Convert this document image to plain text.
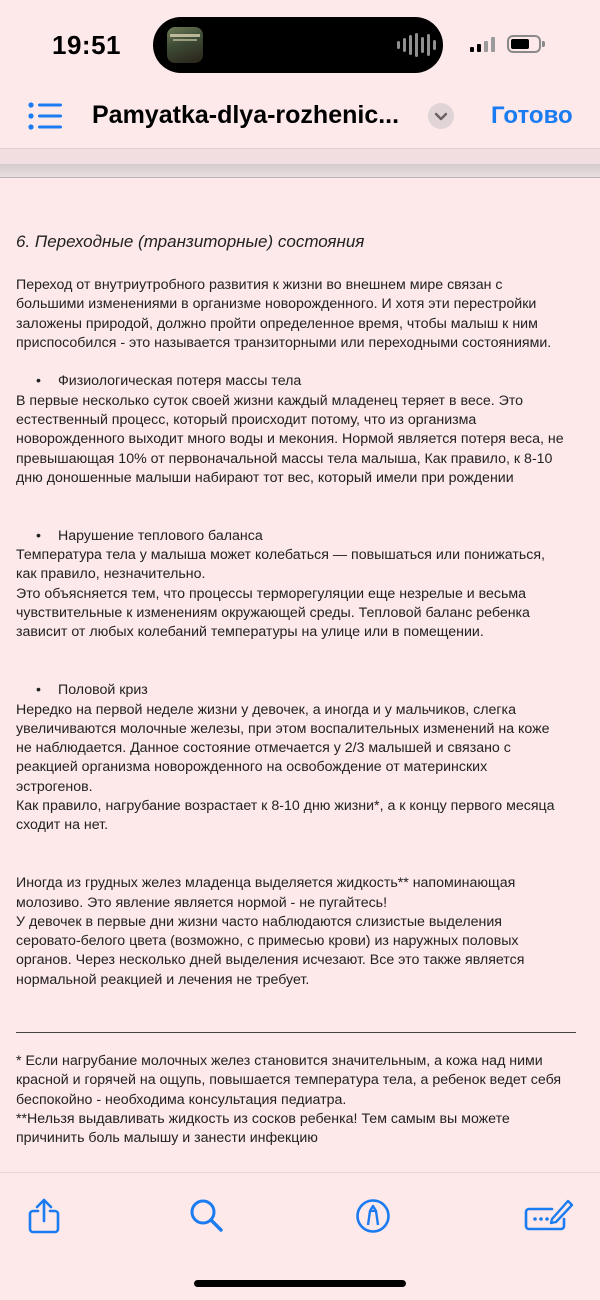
19:51
Pamyatka-dlya-rozhenic...	Готово
6. Переходные (транзиторные) состояния
Переход от внутриутробного развития к жизни во внешнем мире связан с
большими изменениями в организме новорожденного. И хотя эти перестройки
заложены природой, должно пройти определенное время, чтобы малыш к ним
приспособился - это называется транзиторными или переходными состояниями.
• Физиологическая потеря массы тела
В первые несколько суток своей жизни каждый младенец теряет в весе. Это
естественный процесс, который происходит потому, что из организма
новорожденного выходит много воды и мекония. Нормой является потеря веса, не
превышающая 10% от первоначальной массы тела малыша, Как правило, к 8-10
дню доношенные малыши набирают тот вес, который имели при рождении
• Нарушение теплового баланса
Температура тела у малыша может колебаться — повышаться или понижаться,
как правило, незначительно.
Это объясняется тем, что процессы терморегуляции еще незрелые и весьма
чувствительные к изменениям окружающей среды. Тепловой баланс ребенка
зависит от любых колебаний температуры на улице или в помещении.
• Половой криз
Нередко на первой неделе жизни у девочек, а иногда и у мальчиков, слегка
увеличиваются молочные железы, при этом воспалительных изменений на коже
не наблюдается. Данное состояние отмечается у 2/3 малышей и связано с
реакцией организма новорожденного на освобождение от материнских
эстрогенов.
Как правило, нагрубание возрастает к 8-10 дню жизни*, а к концу первого месяца
сходит на нет.
Иногда из грудных желез младенца выделяется жидкость** напоминающая
молозиво. Это явление является нормой - не пугайтесь!
У девочек в первые дни жизни часто наблюдаются слизистые выделения
серовато-белого цвета (возможно, с примесью крови) из наружных половых
органов. Через несколько дней выделения исчезают. Все это также является
нормальной реакцией и лечения не требует.
* Если нагрубание молочных желез становится значительным, а кожа над ними
красной и горячей на ощупь, повышается температура тела, а ребенок ведет себя
беспокойно - необходима консультация педиатра.
**Нельзя выдавливать жидкость из сосков ребенка! Тем самым вы можете
причинить боль малышу и занести инфекцию
